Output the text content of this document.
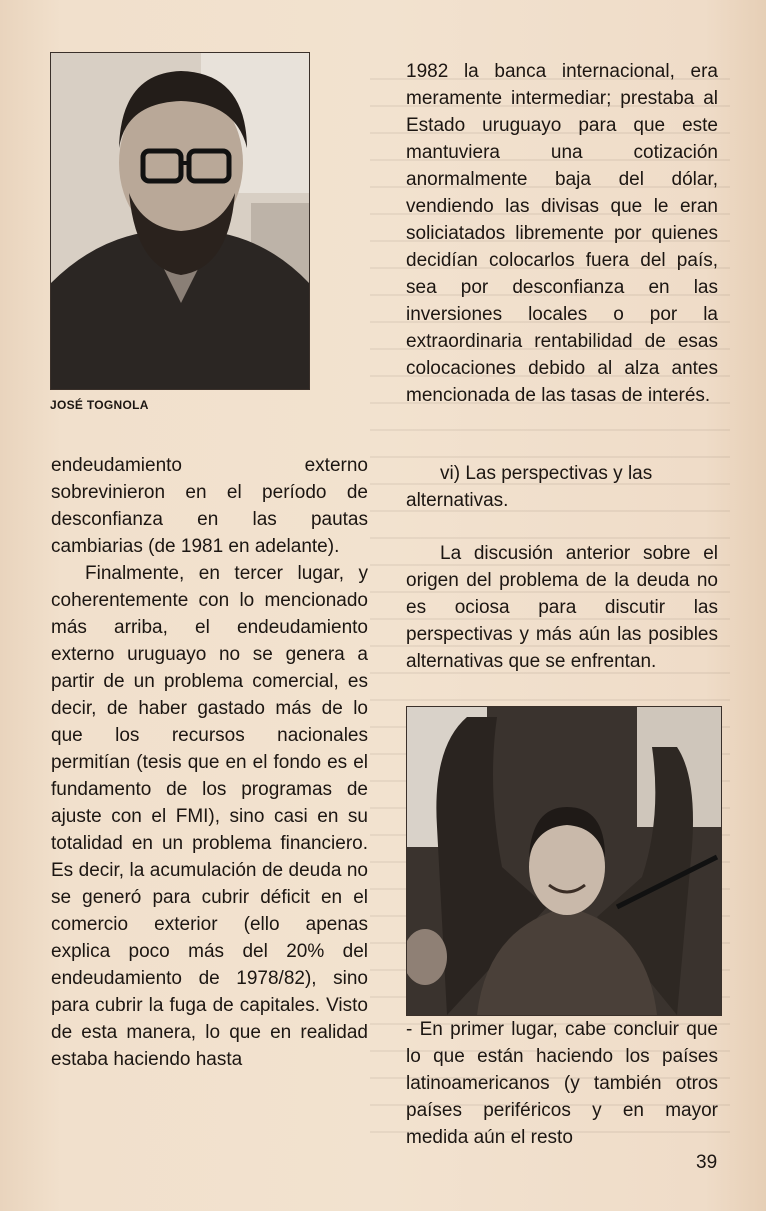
JOSÉ TOGNOLA

endeudamiento externo sobrevinieron en el período de desconfianza en las pautas cambiarias (de 1981 en adelante).

Finalmente, en tercer lugar, y coherentemente con lo mencionado más arriba, el endeudamiento externo uruguayo no se genera a partir de un problema comercial, es decir, de haber gastado más de lo que los recursos nacionales permitían (tesis que en el fondo es el fundamento de los programas de ajuste con el FMI), sino casi en su totalidad en un problema financiero. Es decir, la acumulación de deuda no se generó para cubrir déficit en el comercio exterior (ello apenas explica poco más del 20% del endeudamiento de 1978/82), sino para cubrir la fuga de capitales. Visto de esta manera, lo que en realidad estaba haciendo hasta

1982 la banca internacional, era meramente intermediar; prestaba al Estado uruguayo para que este mantuviera una cotización anormalmente baja del dólar, vendiendo las divisas que le eran soliciatados libremente por quienes decidían colocarlos fuera del país, sea por desconfianza en las inversiones locales o por la extraordinaria rentabilidad de esas colocaciones debido al alza antes mencionada de las tasas de interés.

vi) Las perspectivas y las alternativas.

La discusión anterior sobre el origen del problema de la deuda no es ociosa para discutir las perspectivas y más aún las posibles alternativas que se enfrentan.

- En primer lugar, cabe concluir que lo que están haciendo los países latinoamericanos (y también otros países periféricos y en mayor medida aún el resto

39
